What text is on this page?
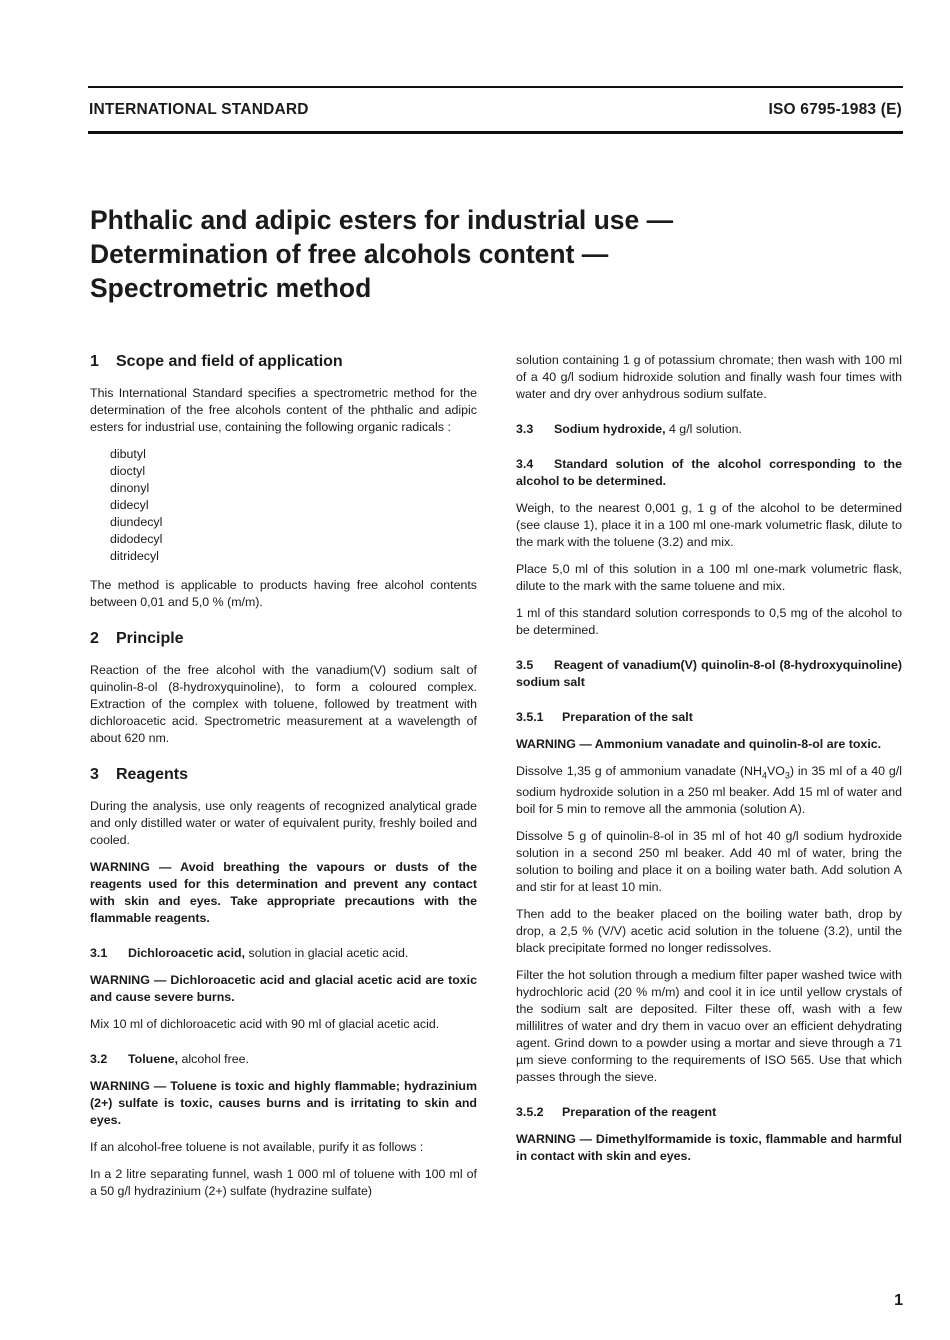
INTERNATIONAL STANDARD	ISO 6795-1983 (E)
Phthalic and adipic esters for industrial use —
Determination of free alcohols content —
Spectrometric method
1 Scope and field of application

This International Standard specifies a spectrometric method for the determination of the free alcohols content of the phthalic and adipic esters for industrial use, containing the following organic radicals :

dibutyl
dioctyl
dinonyl
didecyl
diundecyl
didodecyl
ditridecyl

The method is applicable to products having free alcohol contents between 0,01 and 5,0 % (m/m).

2 Principle

Reaction of the free alcohol with the vanadium(V) sodium salt of quinolin-8-ol (8-hydroxyquinoline), to form a coloured complex. Extraction of the complex with toluene, followed by treatment with dichloroacetic acid. Spectrometric measurement at a wavelength of about 620 nm.

3 Reagents

During the analysis, use only reagents of recognized analytical grade and only distilled water or water of equivalent purity, freshly boiled and cooled.

WARNING — Avoid breathing the vapours or dusts of the reagents used for this determination and prevent any contact with skin and eyes. Take appropriate precautions with the flammable reagents.

3.1 Dichloroacetic acid, solution in glacial acetic acid.

WARNING — Dichloroacetic acid and glacial acetic acid are toxic and cause severe burns.

Mix 10 ml of dichloroacetic acid with 90 ml of glacial acetic acid.

3.2 Toluene, alcohol free.

WARNING — Toluene is toxic and highly flammable; hydrazinium (2+) sulfate is toxic, causes burns and is irritating to skin and eyes.

If an alcohol-free toluene is not available, purify it as follows :

In a 2 litre separating funnel, wash 1 000 ml of toluene with 100 ml of a 50 g/l hydrazinium (2+) sulfate (hydrazine sulfate)

solution containing 1 g of potassium chromate; then wash with 100 ml of a 40 g/l sodium hidroxide solution and finally wash four times with water and dry over anhydrous sodium sulfate.

3.3 Sodium hydroxide, 4 g/l solution.

3.4 Standard solution of the alcohol corresponding to the alcohol to be determined.

Weigh, to the nearest 0,001 g, 1 g of the alcohol to be determined (see clause 1), place it in a 100 ml one-mark volumetric flask, dilute to the mark with the toluene (3.2) and mix.

Place 5,0 ml of this solution in a 100 ml one-mark volumetric flask, dilute to the mark with the same toluene and mix.

1 ml of this standard solution corresponds to 0,5 mg of the alcohol to be determined.

3.5 Reagent of vanadium(V) quinolin-8-ol (8-hydroxyquinoline) sodium salt

3.5.1 Preparation of the salt

WARNING — Ammonium vanadate and quinolin-8-ol are toxic.

Dissolve 1,35 g of ammonium vanadate $(NH_4VO_3)$ in 35 ml of a 40 g/l sodium hydroxide solution in a 250 ml beaker. Add 15 ml of water and boil for 5 min to remove all the ammonia (solution A).

Dissolve 5 g of quinolin-8-ol in 35 ml of hot 40 g/l sodium hydroxide solution in a second 250 ml beaker. Add 40 ml of water, bring the solution to boiling and place it on a boiling water bath. Add solution A and stir for at least 10 min.

Then add to the beaker placed on the boiling water bath, drop by drop, a 2,5 % (V/V) acetic acid solution in the toluene (3.2), until the black precipitate formed no longer redissolves.

Filter the hot solution through a medium filter paper washed twice with hydrochloric acid (20 % m/m) and cool it in ice until yellow crystals of the sodium salt are deposited. Filter these off, wash with a few millilitres of water and dry them in vacuo over an efficient dehydrating agent. Grind down to a powder using a mortar and sieve through a 71 µm sieve conforming to the requirements of ISO 565. Use that which passes through the sieve.

3.5.2 Preparation of the reagent

WARNING — Dimethylformamide is toxic, flammable and harmful in contact with skin and eyes.

1
